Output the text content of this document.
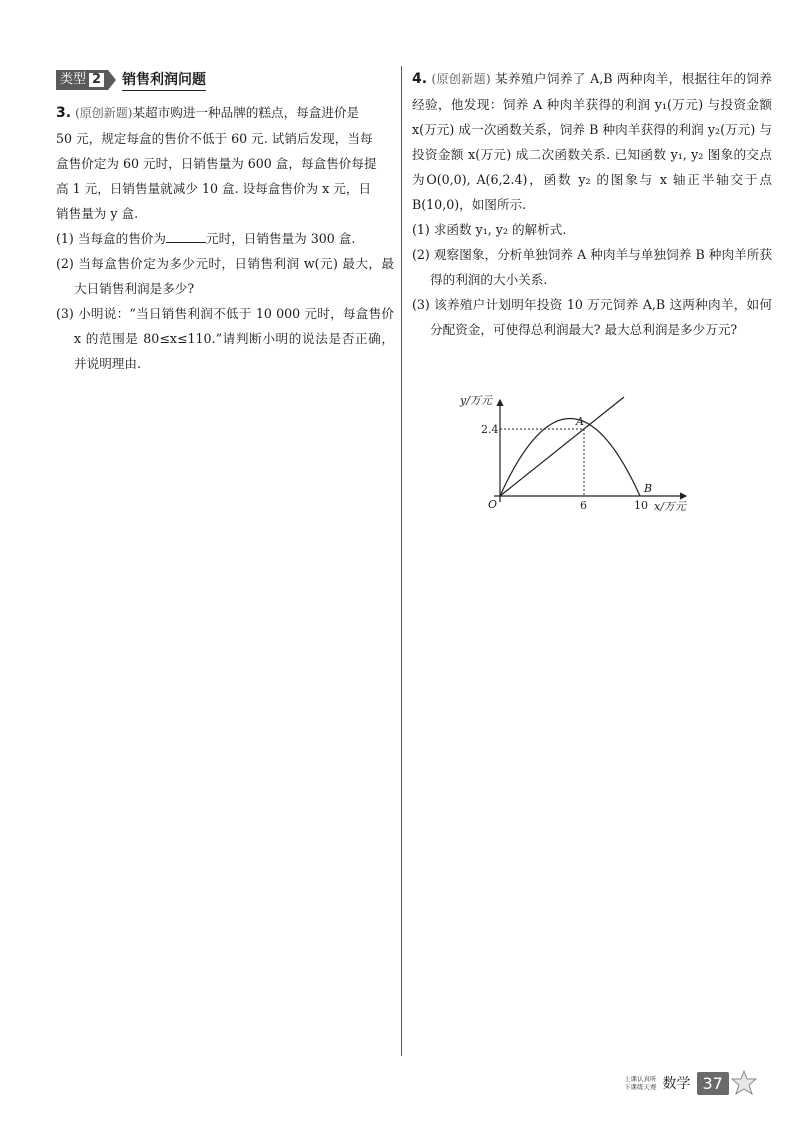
类型 2 销售利润问题

3. (原创新题)某超市购进一种品牌的糕点，每盒进价是
50 元，规定每盒的售价不低于 60 元. 试销后发现，当每
盒售价定为 60 元时，日销售量为 600 盒，每盒售价每提
高 1 元，日销售量就减少 10 盒. 设每盒售价为 x 元，日
销售量为 y 盒.

(1) 当每盒的售价为	元时，日销售量为 300 盒.

(2) 当每盒售价定为多少元时，日销售利润 w(元) 最大，最大日销售利润是多少?

(3) 小明说：“当日销售利润不低于 10 000 元时，每盒售价 x 的范围是 80≤x≤110.”请判断小明的说法是否正确，并说明理由.

4. (原创新题) 某养殖户饲养了 A,B 两种肉羊，根据往年的饲养经验，他发现：饲养 A 种肉羊获得的利润 y₁(万元) 与投资金额x(万元) 成一次函数关系，饲养 B 种肉羊获得的利润 y₂(万元) 与投资金额 x(万元) 成二次函数关系. 已知函数 y₁, y₂ 图象的交点为O(0,0), A(6,2.4)，函数 y₂ 的图象与 x 轴正半轴交于点 B(10,0)，如图所示.

(1) 求函数 y₁, y₂ 的解析式.

(2) 观察图象，分析单独饲养 A 种肉羊与单独饲养 B 种肉羊所获得的利润的大小关系.

(3) 该养殖户计划明年投资 10 万元饲养 A,B 这两种肉羊，如何分配资金，可使得总利润最大? 最大总利润是多少万元?

y/万元
x/万元
2.4
6	10
O
A
B
上课认真听
下课练天赛 数学 37
